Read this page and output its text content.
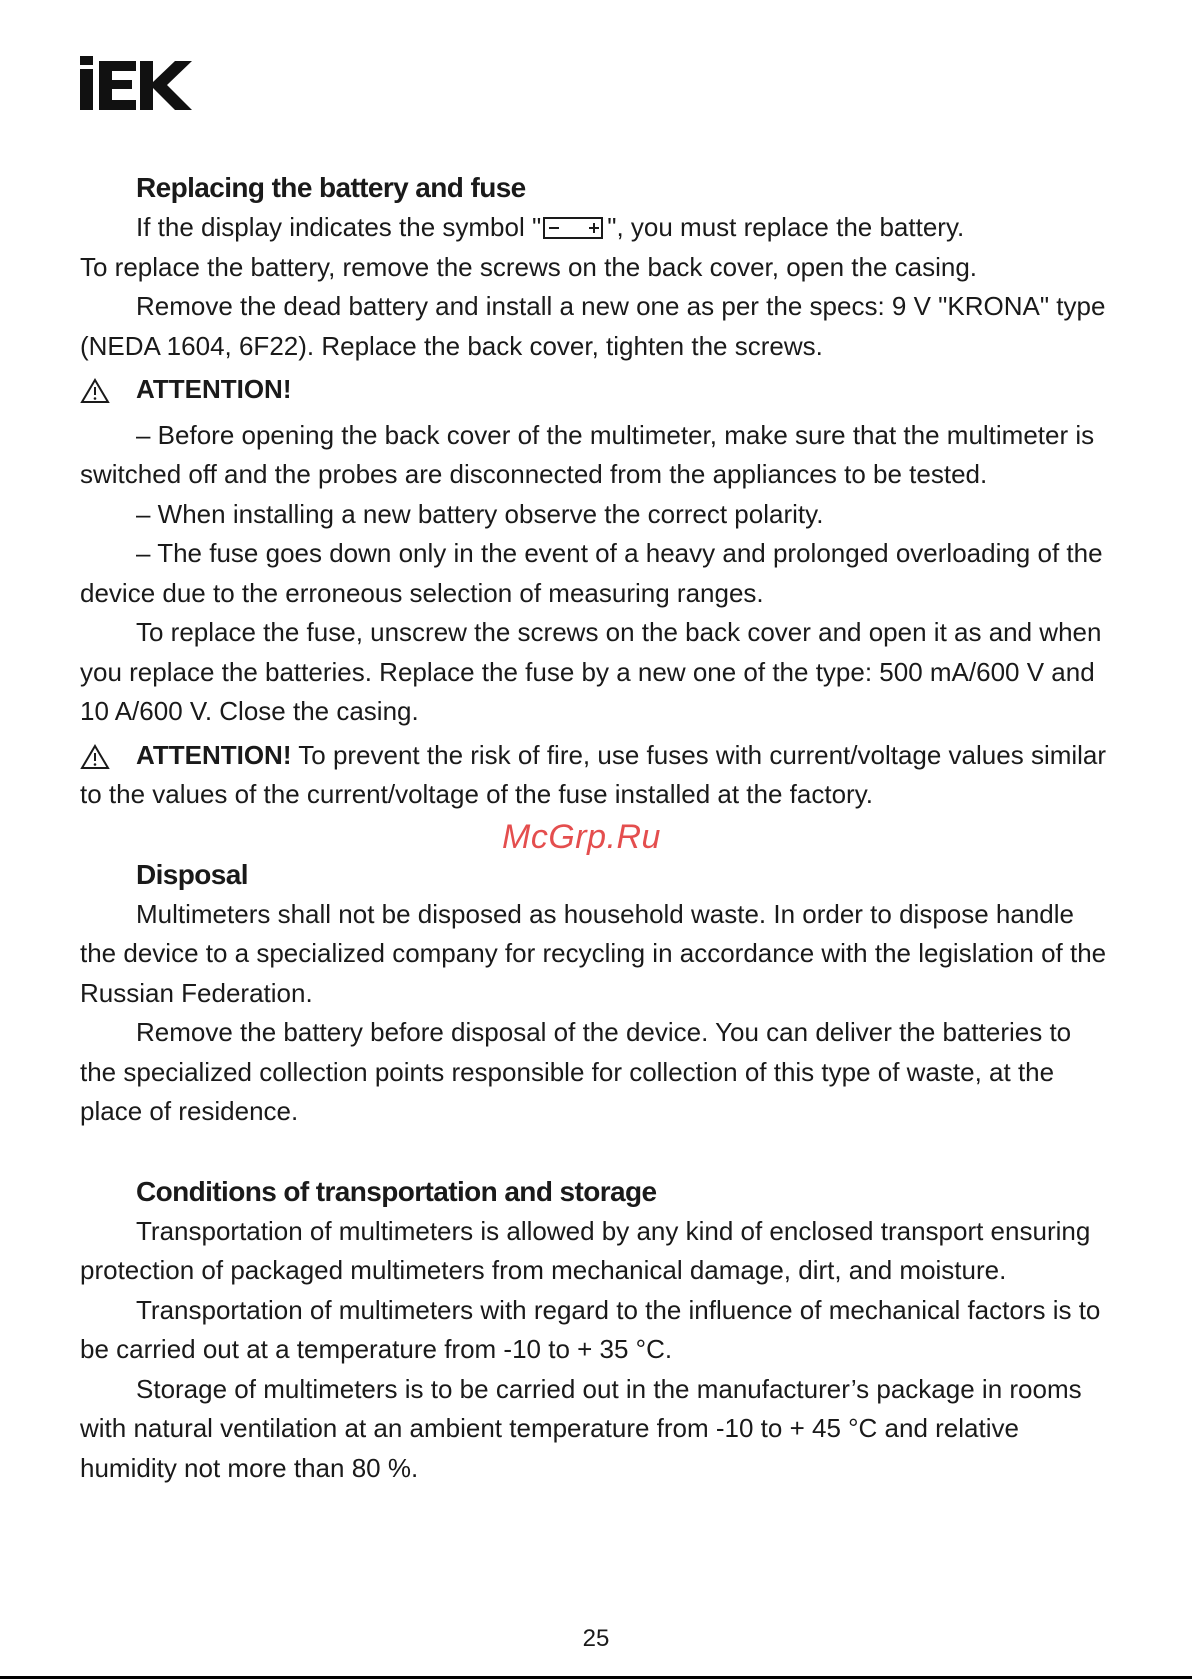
Replacing the battery and fuse

If the display indicates the symbol "	", you must replace the battery.

To replace the battery, remove the screws on the back cover, open the casing.

Remove the dead battery and install a new one as per the specs: 9 V "KRONA" type (NEDA 1604, 6F22). Replace the back cover, tighten the screws.

ATTENTION!

– Before opening the back cover of the multimeter, make sure that the multimeter is switched off and the probes are disconnected from the appliances to be tested.

– When installing a new battery observe the correct polarity.

– The fuse goes down only in the event of a heavy and prolonged overloading of the device due to the erroneous selection of measuring ranges.

To replace the fuse, unscrew the screws on the back cover and open it as and when you replace the batteries. Replace the fuse by a new one of the type: 500 mA/600 V and 10 A/600 V. Close the casing.

ATTENTION! To prevent the risk of fire, use fuses with current/voltage values similar to the values of the current/voltage of the fuse installed at the factory.

Disposal

Multimeters shall not be disposed as household waste. In order to dispose handle the device to a specialized company for recycling in accordance with the legislation of the Russian Federation.

Remove the battery before disposal of the device. You can deliver the batteries to the specialized collection points responsible for collection of this type of waste, at the place of residence.

Conditions of transportation and storage

Transportation of multimeters is allowed by any kind of enclosed transport ensuring protection of packaged multimeters from mechanical damage, dirt, and moisture.

Transportation of multimeters with regard to the influence of mechanical factors is to be carried out at a temperature from -10 to + 35 °C.

Storage of multimeters is to be carried out in the manufacturer’s package in rooms with natural ventilation at an ambient temperature from -10 to + 45 °C and relative humidity not more than 80 %.

McGrp.Ru
25
